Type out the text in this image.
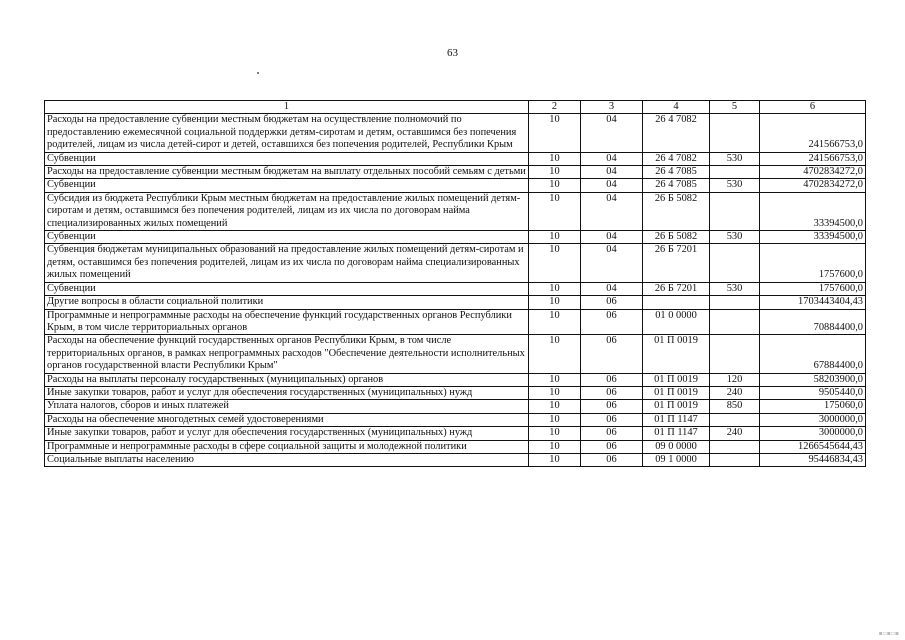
63
1	2	3	4	5	6
Расходы на предоставление субвенции местным бюджетам на осуществление полномочий по предоставлению ежемесячной социальной поддержки детям-сиротам и детям, оставшимся без попечения родителей, лицам из числа детей-сирот и детей, оставшихся без попечения родителей, Республики Крым	10	04	26 4 7082		241566753,0
Субвенции	10	04	26 4 7082	530	241566753,0
Расходы на предоставление субвенции местным бюджетам на выплату отдельных пособий семьям с детьми	10	04	26 4 7085		4702834272,0
Субвенции	10	04	26 4 7085	530	4702834272,0
Субсидия из бюджета Республики Крым местным бюджетам на предоставление жилых помещений детям-сиротам и детям, оставшимся без попечения родителей, лицам из их числа по договорам найма специализированных жилых помещений	10	04	26 Б 5082		33394500,0
Субвенции	10	04	26 Б 5082	530	33394500,0
Субвенция бюджетам муниципальных образований на предоставление жилых помещений детям-сиротам и детям, оставшимся без попечения родителей, лицам из их числа по договорам найма специализированных жилых помещений	10	04	26 Б 7201		1757600,0
Субвенции	10	04	26 Б 7201	530	1757600,0
Другие вопросы в области социальной политики	10	06			1703443404,43
Программные и непрограммные расходы на обеспечение функций государственных органов Республики Крым, в том числе территориальных органов	10	06	01 0 0000		70884400,0
Расходы на обеспечение функций государственных органов Республики Крым, в том числе территориальных органов, в рамках непрограммных расходов "Обеспечение деятельности исполнительных органов государственной власти Республики Крым"	10	06	01 П 0019		67884400,0
Расходы на выплаты персоналу государственных (муниципальных) органов	10	06	01 П 0019	120	58203900,0
Иные закупки товаров, работ и услуг для обеспечения государственных (муниципальных) нужд	10	06	01 П 0019	240	9505440,0
Уплата налогов, сборов и иных платежей	10	06	01 П 0019	850	175060,0
Расходы на обеспечение многодетных семей удостоверениями	10	06	01 П 1147		3000000,0
Иные закупки товаров, работ и услуг для обеспечения государственных (муниципальных) нужд	10	06	01 П 1147	240	3000000,0
Программные и непрограммные расходы в сфере социальной защиты и молодежной политики	10	06	09 0 0000		1266545644,43
Социальные выплаты населению	10	06	09 1 0000		95446834,43
▪▫▪▫▪
